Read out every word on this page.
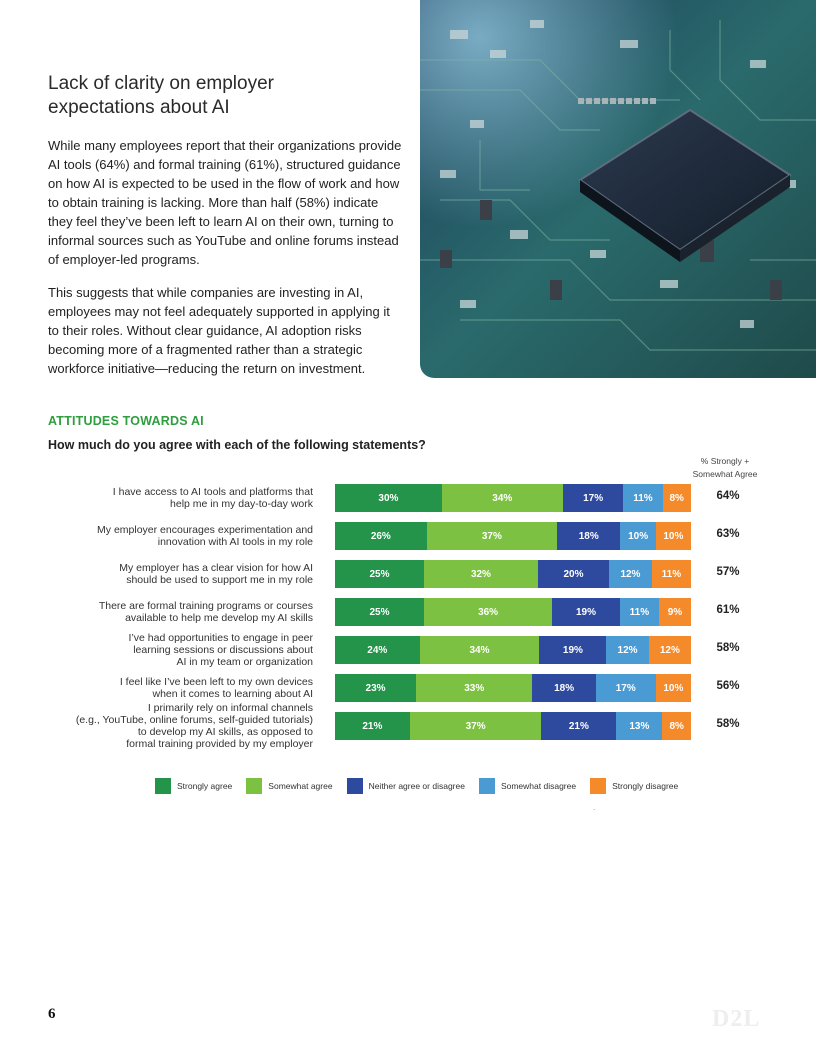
Lack of clarity on employer
expectations about AI

While many employees report that their organizations provide AI tools (64%) and formal training (61%), structured guidance on how AI is expected to be used in the flow of work and how to obtain training is lacking. More than half (58%) indicate they feel they’ve been left to learn AI on their own, turning to informal sources such as YouTube and online forums instead of employer-led programs.

This suggests that while companies are investing in AI, employees may not feel adequately supported in applying it to their roles. Without clear guidance, AI adoption risks becoming more of a fragmented rather than a strategic workforce initiative—reducing the return on investment.

ATTITUDES TOWARDS AI
How much do you agree with each of the following statements?
% Strongly +
Somewhat Agree
I have access to AI tools and platforms that
help me in my day-to-day work	30%	34%	17%	11%	8%	64%
My employer encourages experimentation and
innovation with AI tools in my role	26%	37%	18%	10%	10%	63%
My employer has a clear vision for how AI
should be used to support me in my role	25%	32%	20%	12%	11%	57%
There are formal training programs or courses
available to help me develop my AI skills	25%	36%	19%	11%	9%	61%
I’ve had opportunities to engage in peer
learning sessions or discussions about
AI in my team or organization
24%	34%	19%	12%	12%	58%
I feel like I’ve been left to my own devices
when it comes to learning about AI	23%	33%	18%	17%	10%	56%
I primarily rely on informal channels
(e.g., YouTube, online forums, self-guided tutorials)
to develop my AI skills, as opposed to
formal training provided by my employer
21%	37%	21%	13%	8%	58%
Strongly agree	Somewhat agree	Neither agree or disagree	Somewhat disagree	Strongly disagree
.
6	D2L
